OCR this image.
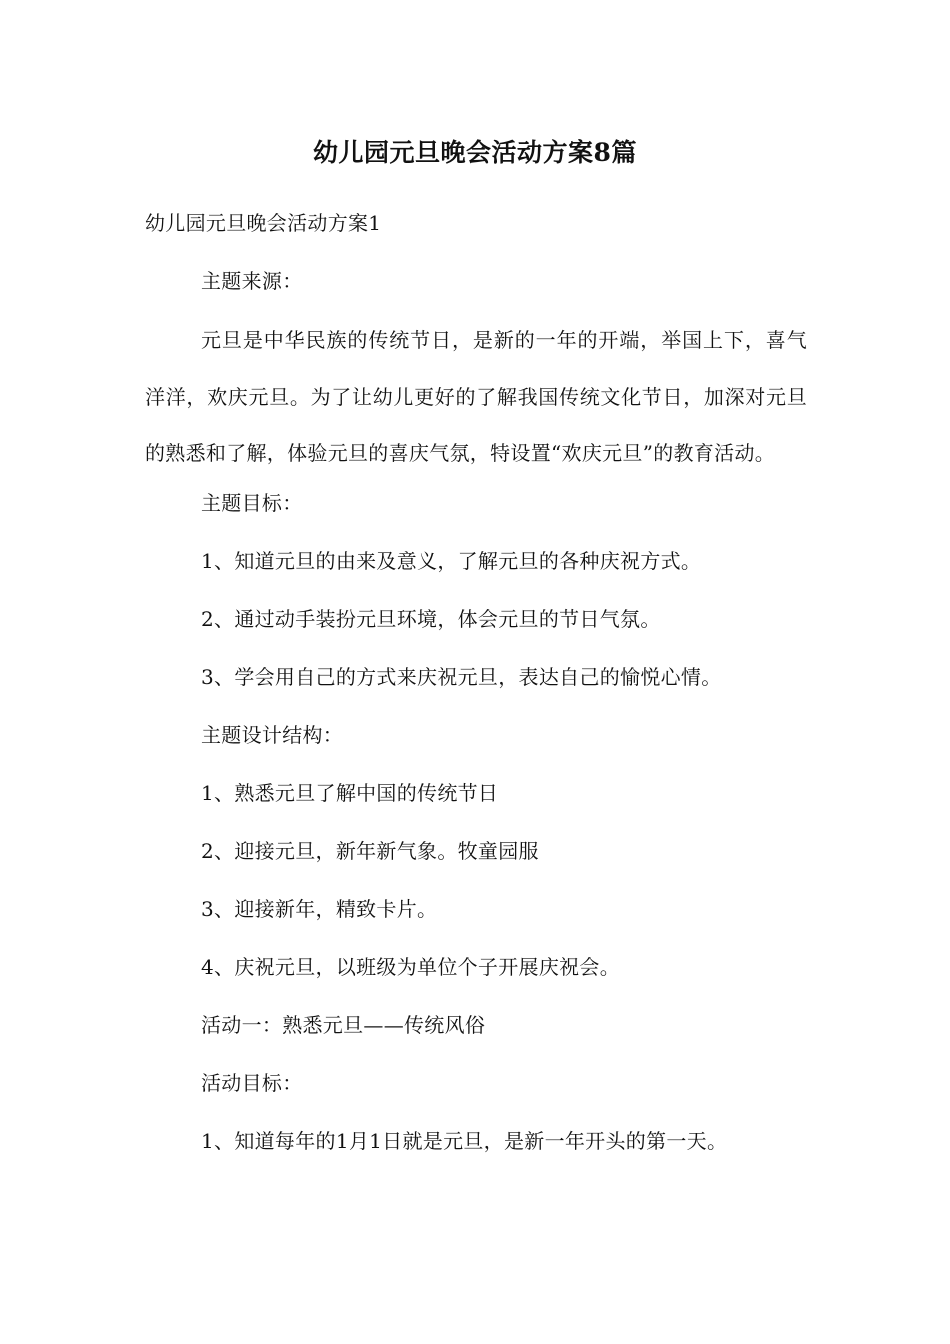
幼儿园元旦晚会活动方案8篇

幼儿园元旦晚会活动方案1

主题来源：

元旦是中华民族的传统节日，是新的一年的开端，举国上下，喜气洋洋，欢庆元旦。为了让幼儿更好的了解我国传统文化节日，加深对元旦的熟悉和了解，体验元旦的喜庆气氛，特设置“欢庆元旦”的教育活动。

主题目标：

1、知道元旦的由来及意义，了解元旦的各种庆祝方式。

2、通过动手装扮元旦环境，体会元旦的节日气氛。

3、学会用自己的方式来庆祝元旦，表达自己的愉悦心情。

主题设计结构：

1、熟悉元旦了解中国的传统节日

2、迎接元旦，新年新气象。牧童园服

3、迎接新年，精致卡片。

4、庆祝元旦，以班级为单位个子开展庆祝会。

活动一：熟悉元旦——传统风俗

活动目标：

1、知道每年的1月1日就是元旦，是新一年开头的第一天。
